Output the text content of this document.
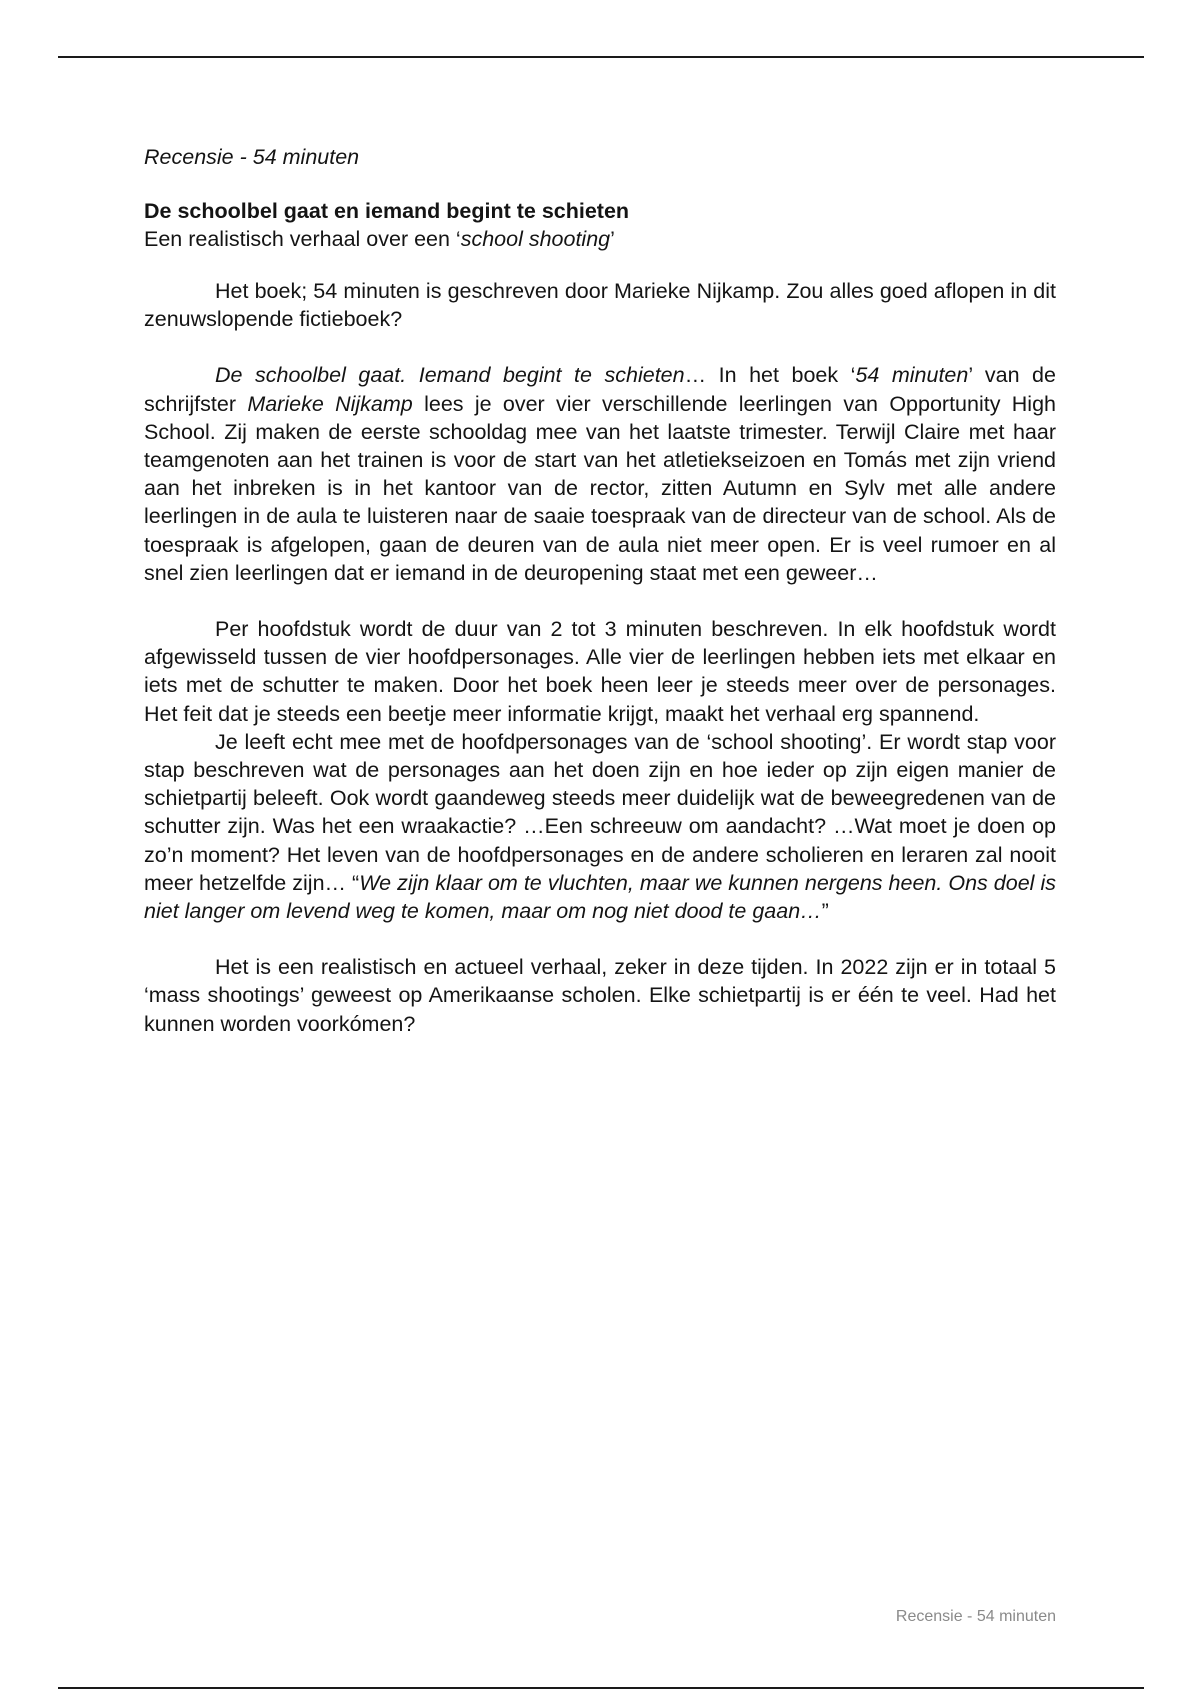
Recensie - 54 minuten

De schoolbel gaat en iemand begint te schieten

Een realistisch verhaal over een ‘school shooting’

Het boek; 54 minuten is geschreven door Marieke Nijkamp. Zou alles goed aflopen in dit zenuwslopende fictieboek?

De schoolbel gaat. Iemand begint te schieten… In het boek ‘54 minuten’ van de schrijfster Marieke Nijkamp lees je over vier verschillende leerlingen van Opportunity High School. Zij maken de eerste schooldag mee van het laatste trimester. Terwijl Claire met haar teamgenoten aan het trainen is voor de start van het atletiekseizoen en Tomás met zijn vriend aan het inbreken is in het kantoor van de rector, zitten Autumn en Sylv met alle andere leerlingen in de aula te luisteren naar de saaie toespraak van de directeur van de school. Als de toespraak is afgelopen, gaan de deuren van de aula niet meer open. Er is veel rumoer en al snel zien leerlingen dat er iemand in de deuropening staat met een geweer…

Per hoofdstuk wordt de duur van 2 tot 3 minuten beschreven. In elk hoofdstuk wordt afgewisseld tussen de vier hoofdpersonages. Alle vier de leerlingen hebben iets met elkaar en iets met de schutter te maken. Door het boek heen leer je steeds meer over de personages. Het feit dat je steeds een beetje meer informatie krijgt, maakt het verhaal erg spannend.

Je leeft echt mee met de hoofdpersonages van de ‘school shooting’. Er wordt stap voor stap beschreven wat de personages aan het doen zijn en hoe ieder op zijn eigen manier de schietpartij beleeft. Ook wordt gaandeweg steeds meer duidelijk wat de beweegredenen van de schutter zijn. Was het een wraakactie? …Een schreeuw om aandacht? …Wat moet je doen op zo’n moment? Het leven van de hoofdpersonages en de andere scholieren en leraren zal nooit meer hetzelfde zijn… “We zijn klaar om te vluchten, maar we kunnen nergens heen. Ons doel is niet langer om levend weg te komen, maar om nog niet dood te gaan…”

Het is een realistisch en actueel verhaal, zeker in deze tijden. In 2022 zijn er in totaal 5 ‘mass shootings’ geweest op Amerikaanse scholen. Elke schietpartij is er één te veel. Had het kunnen worden voorkómen?

Recensie - 54 minuten
